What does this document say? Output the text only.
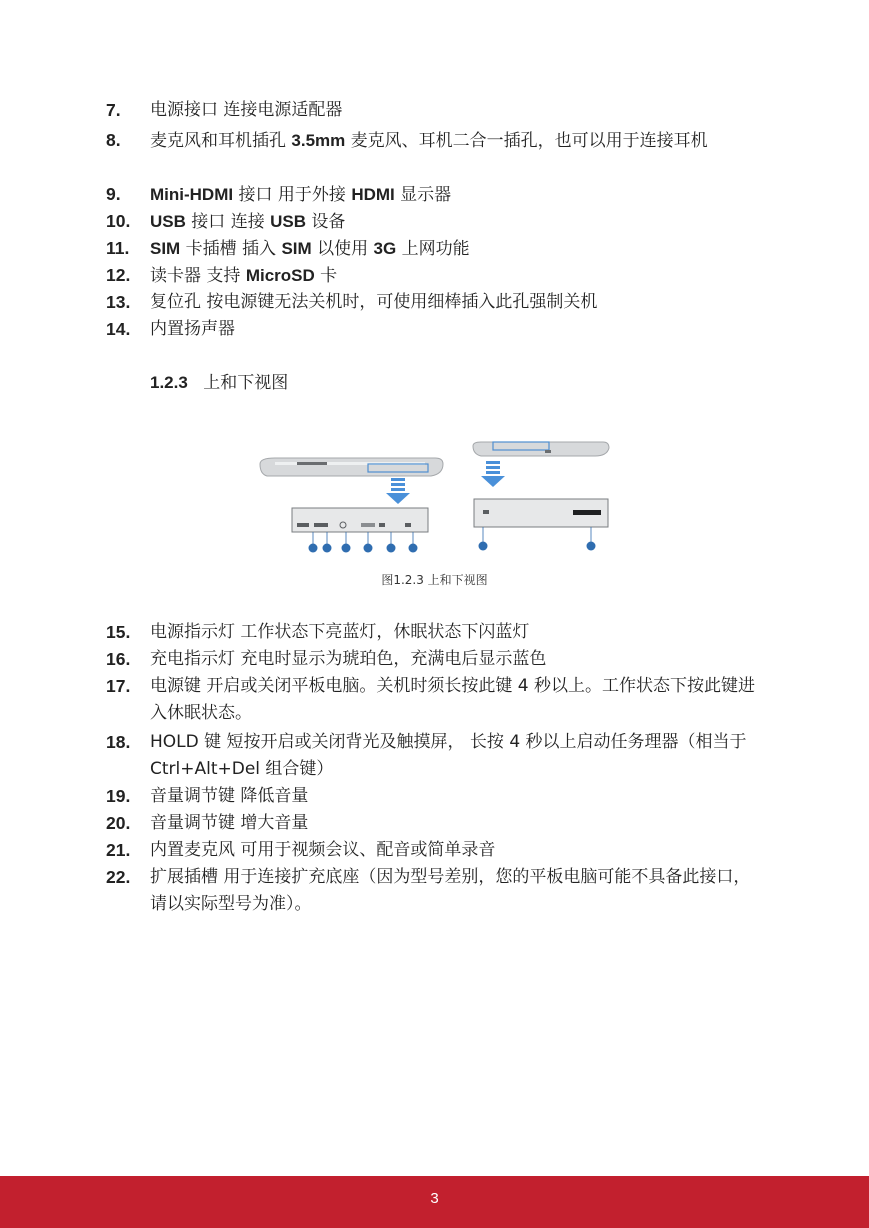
7.	电源接口 连接电源适配器
8.	麦克风和耳机插孔 3.5mm 麦克风、耳机二合一插孔，也可以用于连接耳机
9.	Mini-HDMI 接口 用于外接 HDMI 显示器
10.	USB 接口 连接 USB 设备
11.	SIM 卡插槽 插入 SIM 以使用 3G 上网功能
12.	读卡器 支持 MicroSD 卡
13.	复位孔 按电源键无法关机时，可使用细棒插入此孔强制关机
14.	内置扬声器
1.2.3 上和下视图
图1.2.3 上和下视图
15.	电源指示灯 工作状态下亮蓝灯，休眠状态下闪蓝灯
16.	充电指示灯 充电时显示为琥珀色，充满电后显示蓝色
17.	电源键 开启或关闭平板电脑。关机时须长按此键 4 秒以上。工作状态下按此键进入休眠状态。
18.	HOLD 键 短按开启或关闭背光及触摸屏， 长按 4 秒以上启动任务理器（相当于 Ctrl+Alt+Del 组合键）
19.	音量调节键 降低音量
20.	音量调节键 增大音量
21.	内置麦克风 可用于视频会议、配音或简单录音
22.	扩展插槽 用于连接扩充底座（因为型号差别，您的平板电脑可能不具备此接口，请以实际型号为准）。
3
